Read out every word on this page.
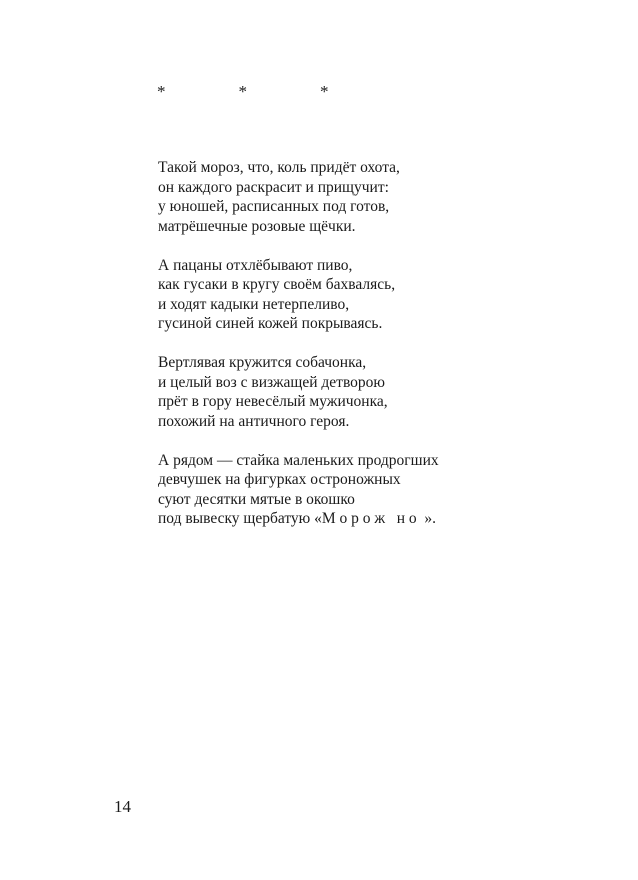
*    *    *
Такой мороз, что, коль придёт охота,
он каждого раскрасит и прищучит:
у юношей, расписанных под готов,
матрёшечные розовые щёчки.
А пацаны отхлёбывают пиво,
как гусаки в кругу своём бахвалясь,
и ходят кадыки нетерпеливо,
гусиной синей кожей покрываясь.
Вертлявая кружится собачонка,
и целый воз с визжащей детворою
прёт в гору невесёлый мужичонка,
похожий на античного героя.
А рядом — стайка маленьких продрогших
девчушек на фигурках остроножных
суют десятки мятые в окошко
под вывеску щербатую «М о р о ж   н о  ».
14
